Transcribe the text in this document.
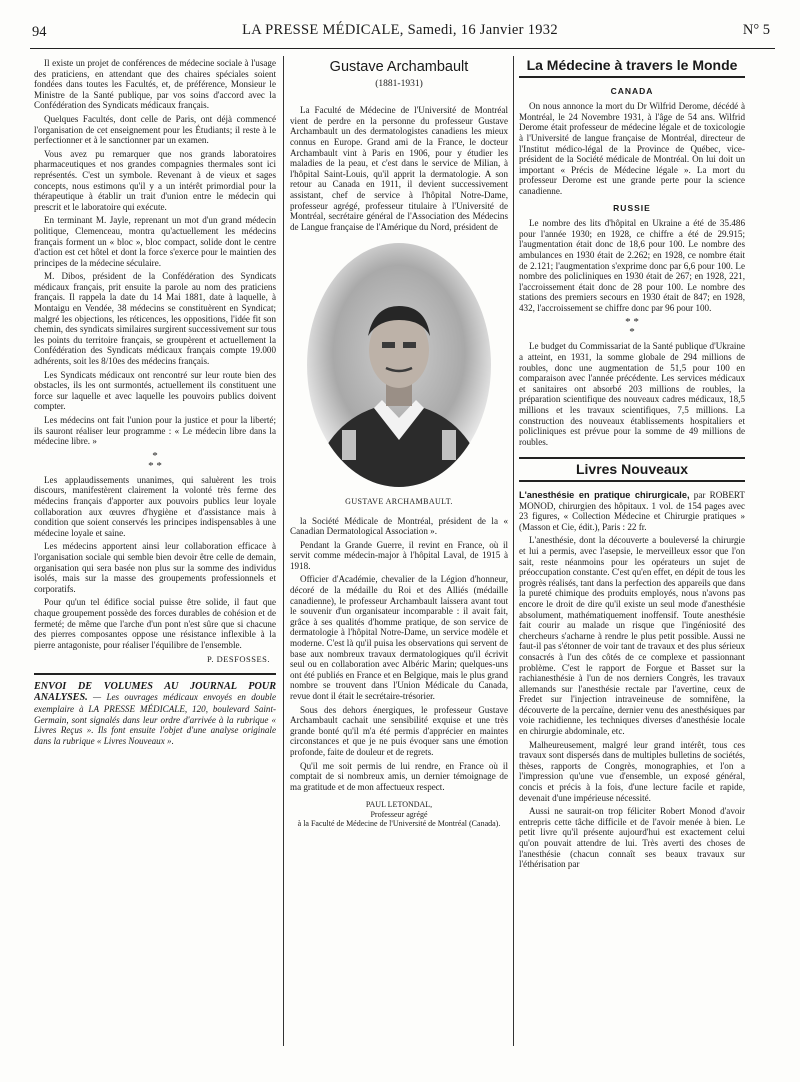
94	LA PRESSE MÉDICALE, Samedi, 16 Janvier 1932	N° 5

Il existe un projet de conférences de médecine sociale à l'usage des praticiens, en attendant que des chaires spéciales soient fondées dans toutes les Facultés, et, de préférence, Monsieur le Ministre de la Santé publique, par vos soins d'accord avec la Confédération des Syndicats médicaux français.

Quelques Facultés, dont celle de Paris, ont déjà commencé l'organisation de cet enseignement pour les Étudiants; il reste à le perfectionner et à le sanctionner par un examen.

Vous avez pu remarquer que nos grands laboratoires pharmaceutiques et nos grandes compagnies thermales sont ici représentés. C'est un symbole. Revenant à de vieux et sages concepts, nous estimons qu'il y a un intérêt primordial pour la thérapeutique à établir un trait d'union entre le médecin qui prescrit et le laboratoire qui exécute.

En terminant M. Jayle, reprenant un mot d'un grand médecin politique, Clemenceau, montra qu'actuellement les médecins français forment un « bloc », bloc compact, solide dont le centre d'action est cet hôtel et dont la force s'exerce pour le maintien des principes de la médecine séculaire.

M. Dibos, président de la Confédération des Syndicats médicaux français, prit ensuite la parole au nom des praticiens français. Il rappela la date du 14 Mai 1881, date à laquelle, à Montaigu en Vendée, 38 médecins se constituèrent en Syndicat; malgré les objections, les réticences, les oppositions, l'idée fit son chemin, des syndicats similaires surgirent successivement sur tous les points du territoire français, se groupèrent et actuellement la Confédération des Syndicats médicaux français compte 19.000 adhérents, soit les 8/10es des médecins français.

Les Syndicats médicaux ont rencontré sur leur route bien des obstacles, ils les ont surmontés, actuellement ils constituent une force sur laquelle et avec laquelle les pouvoirs publics doivent compter.

Les médecins ont fait l'union pour la justice et pour la liberté; ils sauront réaliser leur programme : « Le médecin libre dans la médecine libre. »

*
* *

Les applaudissements unanimes, qui saluèrent les trois discours, manifestèrent clairement la volonté très ferme des médecins français d'apporter aux pouvoirs publics leur loyale collaboration aux œuvres d'hygiène et d'assistance mais à condition que soient conservés les principes indispensables à une médecine loyale et saine.

Les médecins apportent ainsi leur collaboration efficace à l'organisation sociale qui semble bien devoir être celle de demain, organisation qui sera basée non plus sur la somme des individus isolés, mais sur la masse des groupements professionnels et corporatifs.

Pour qu'un tel édifice social puisse être solide, il faut que chaque groupement possède des forces durables de cohésion et de fermeté; de même que l'arche d'un pont n'est sûre que si chacune des pierres composantes oppose une résistance inflexible à la pierre antagoniste, pour réaliser l'équilibre de l'ensemble.

P. DESFOSSES.
ENVOI DE VOLUMES AU JOURNAL POUR ANALYSES. — Les ouvrages médicaux envoyés en double exemplaire à LA PRESSE MÉDICALE, 120, boulevard Saint-Germain, sont signalés dans leur ordre d'arrivée à la rubrique « Livres Reçus ». Ils font ensuite l'objet d'une analyse originale dans la rubrique « Livres Nouveaux ».
Gustave Archambault
(1881-1931)

La Faculté de Médecine de l'Université de Montréal vient de perdre en la personne du professeur Gustave Archambault un des dermatologistes canadiens les mieux connus en Europe. Grand ami de la France, le docteur Archambault vint à Paris en 1906, pour y étudier les maladies de la peau, et c'est dans le service de Milian, à l'hôpital Saint-Louis, qu'il apprit la dermatologie. A son retour au Canada en 1911, il devient successivement assistant, chef de service à l'hôpital Notre-Dame, professeur agrégé, professeur titulaire à l'Université de Montréal, secrétaire général de l'Association des Médecins de Langue française de l'Amérique du Nord, président de

GUSTAVE ARCHAMBAULT.

la Société Médicale de Montréal, président de la « Canadian Dermatological Association ».

Pendant la Grande Guerre, il revint en France, où il servit comme médecin-major à l'hôpital Laval, de 1915 à 1918.

Officier d'Académie, chevalier de la Légion d'honneur, décoré de la médaille du Roi et des Alliés (médaille canadienne), le professeur Archambault laissera avant tout le souvenir d'un organisateur incomparable : il avait fait, grâce à ses qualités d'homme pratique, de son service de dermatologie à l'hôpital Notre-Dame, un service modèle et moderne. C'est là qu'il puisa les observations qui servent de base aux nombreux travaux dermatologiques qu'il écrivit seul ou en collaboration avec Albéric Marin; quelques-uns ont été publiés en France et en Belgique, mais le plus grand nombre se trouvent dans l'Union Médicale du Canada, revue dont il était le secrétaire-trésorier.

Sous des dehors énergiques, le professeur Gustave Archambault cachait une sensibilité exquise et une très grande bonté qu'il m'a été permis d'apprécier en maintes circonstances et que je ne puis évoquer sans une émotion profonde, faite de douleur et de regrets.

Qu'il me soit permis de lui rendre, en France où il comptait de si nombreux amis, un dernier témoignage de ma gratitude et de mon affectueux respect.

PAUL LETONDAL,
Professeur agrégé
à la Faculté de Médecine de l'Université de Montréal (Canada).
La Médecine à travers le Monde
CANADA

On nous annonce la mort du Dr Wilfrid Derome, décédé à Montréal, le 24 Novembre 1931, à l'âge de 54 ans. Wilfrid Derome était professeur de médecine légale et de toxicologie à l'Université de langue française de Montréal, directeur de l'Institut médico-légal de la Province de Québec, vice-président de la Société médicale de Montréal. On lui doit un important « Précis de Médecine légale ». La mort du professeur Derome est une grande perte pour la science canadienne.

RUSSIE

Le nombre des lits d'hôpital en Ukraine a été de 35.486 pour l'année 1930; en 1928, ce chiffre a été de 29.915; l'augmentation était donc de 18,6 pour 100. Le nombre des ambulances en 1930 était de 2.262; en 1928, ce nombre était de 2.121; l'augmentation s'exprime donc par 6,6 pour 100. Le nombre des policliniques en 1930 était de 267; en 1928, 221, l'accroissement était donc de 28 pour 100. Le nombre des stations des premiers secours en 1930 était de 847; en 1928, 432, l'accroissement se chiffre donc par 96 pour 100.

* *
*

Le budget du Commissariat de la Santé publique d'Ukraine a atteint, en 1931, la somme globale de 294 millions de roubles, donc une augmentation de 51,5 pour 100 en comparaison avec l'année précédente. Les services médicaux et sanitaires ont absorbé 203 millions de roubles, la préparation scientifique des nouveaux cadres médicaux, 18,5 millions et les travaux scientifiques, 7,5 millions. La construction des nouveaux établissements hospitaliers et policliniques est prévue pour la somme de 49 millions de roubles.

Livres Nouveaux

L'anesthésie en pratique chirurgicale, par ROBERT MONOD, chirurgien des hôpitaux. 1 vol. de 154 pages avec 23 figures, « Collection Médecine et Chirurgie pratiques » (Masson et Cie, édit.), Paris : 22 fr.

L'anesthésie, dont la découverte a bouleversé la chirurgie et lui a permis, avec l'asepsie, le merveilleux essor que l'on sait, reste néanmoins pour les opérateurs un sujet de préoccupation constante. C'est qu'en effet, en dépit de tous les progrès réalisés, tant dans la perfection des appareils que dans la pureté chimique des produits employés, nous n'avons pas encore le droit de dire qu'il existe un seul mode d'anesthésie absolument, mathématiquement inoffensif. Toute anesthésie fait courir au malade un risque que l'ingéniosité des chercheurs s'acharne à rendre le plus petit possible. Aussi ne faut-il pas s'étonner de voir tant de travaux et des plus sérieux consacrés à l'un des côtés de ce complexe et passionnant problème. C'est le rapport de Forgue et Basset sur la rachianesthésie à l'un de nos derniers Congrès, les travaux allemands sur l'anesthésie rectale par l'avertine, ceux de Fredet sur l'injection intraveineuse de somnifène, la découverte de la percaïne, dernier venu des anesthésiques par voie rachidienne, les techniques diverses d'anesthésie locale en chirurgie abdominale, etc.

Malheureusement, malgré leur grand intérêt, tous ces travaux sont dispersés dans de multiples bulletins de sociétés, thèses, rapports de Congrès, monographies, et l'on a l'impression qu'une vue d'ensemble, un exposé général, concis et précis à la fois, d'une lecture facile et rapide, devenait d'une impérieuse nécessité.

Aussi ne saurait-on trop féliciter Robert Monod d'avoir entrepris cette tâche difficile et de l'avoir menée à bien. Le petit livre qu'il présente aujourd'hui est exactement celui qu'on pouvait attendre de lui. Très averti des choses de l'anesthésie (chacun connaît ses beaux travaux sur l'éthérisation par
